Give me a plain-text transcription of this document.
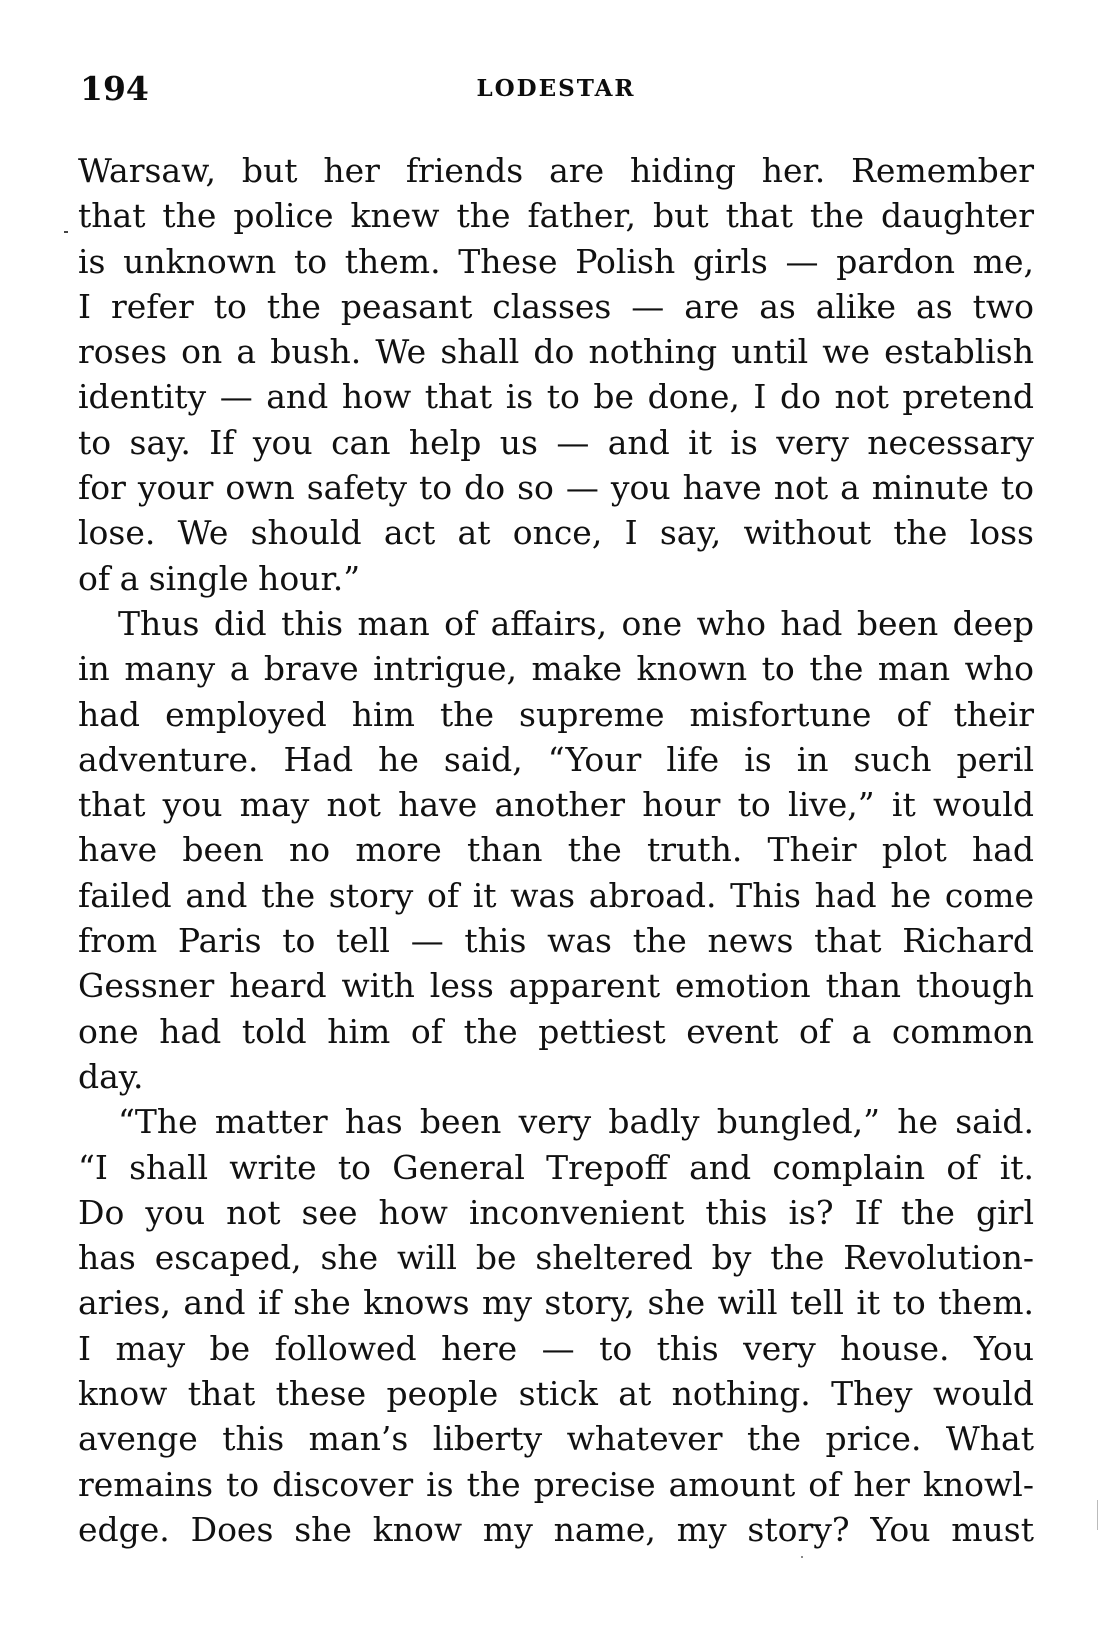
194	LODESTAR
Warsaw, but her friends are hiding her. Remember
that the police knew the father, but that the daughter
is unknown to them. These Polish girls — pardon me,
I refer to the peasant classes — are as alike as two
roses on a bush. We shall do nothing until we establish
identity — and how that is to be done, I do not pretend
to say. If you can help us — and it is very necessary
for your own safety to do so — you have not a minute to
lose. We should act at once, I say, without the loss
of a single hour.”
Thus did this man of affairs, one who had been deep
in many a brave intrigue, make known to the man who
had employed him the supreme misfortune of their
adventure. Had he said, “Your life is in such peril
that you may not have another hour to live,” it would
have been no more than the truth. Their plot had
failed and the story of it was abroad. This had he come
from Paris to tell — this was the news that Richard
Gessner heard with less apparent emotion than though
one had told him of the pettiest event of a common
day.
“The matter has been very badly bungled,” he said.
“I shall write to General Trepoff and complain of it.
Do you not see how inconvenient this is? If the girl
has escaped, she will be sheltered by the Revolution-
aries, and if she knows my story, she will tell it to them.
I may be followed here — to this very house. You
know that these people stick at nothing. They would
avenge this man’s liberty whatever the price. What
remains to discover is the precise amount of her knowl-
edge. Does she know my name, my story? You must
